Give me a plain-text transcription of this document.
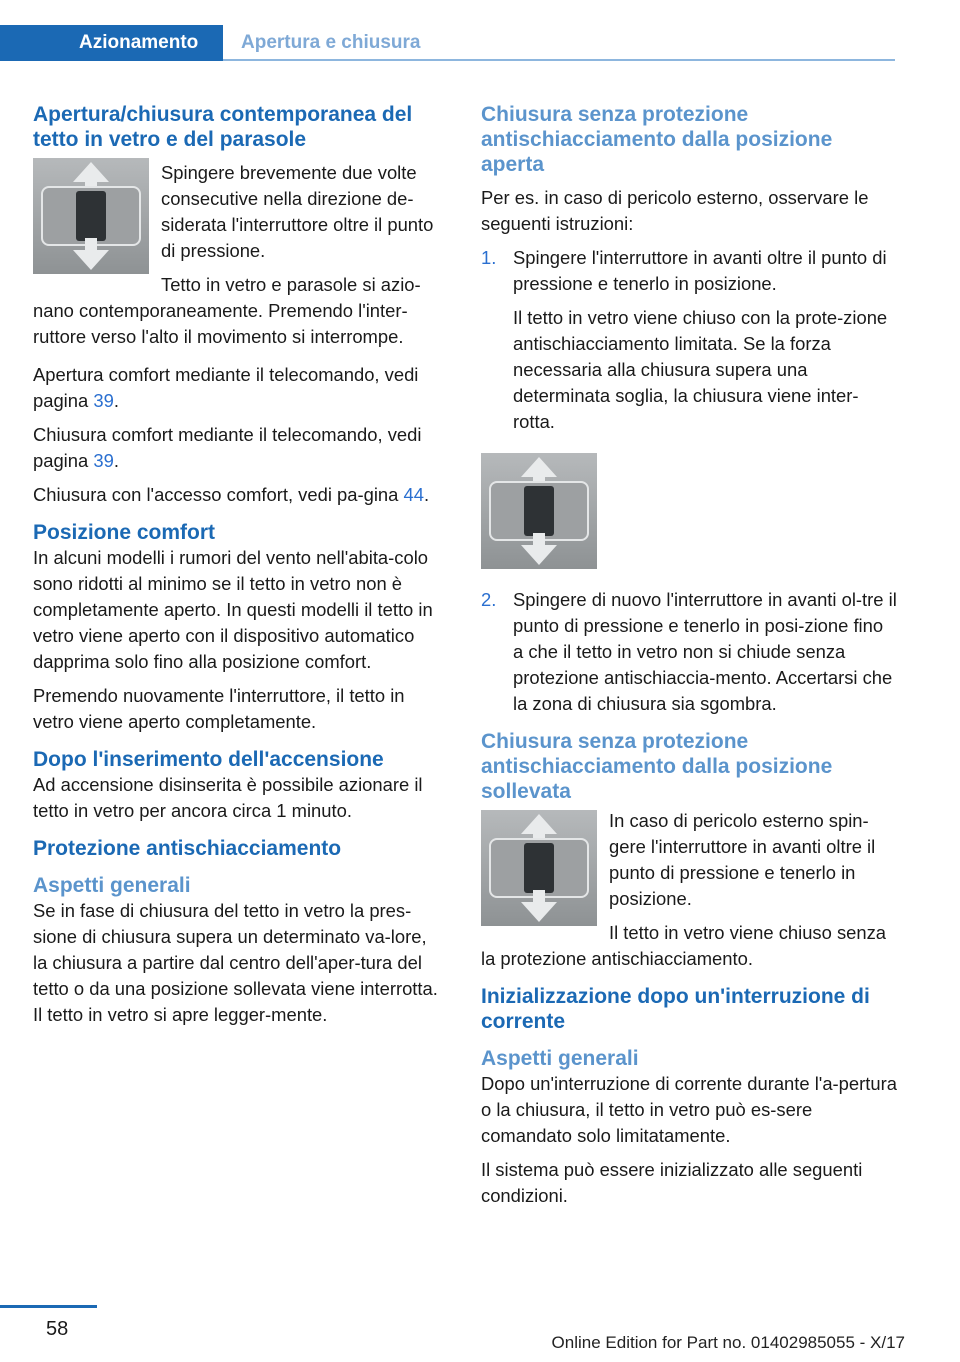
Azionamento Apertura e chiusura
Apertura/chiusura contemporanea del tetto in vetro e del parasole

Spingere brevemente due volte consecutive nella direzione de-siderata l'interruttore oltre il punto di pressione.

Tetto in vetro e parasole si azio-nano contemporaneamente. Premendo l'inter-ruttore verso l'alto il movimento si interrompe.

Apertura comfort mediante il telecomando, vedi pagina 39.

Chiusura comfort mediante il telecomando, vedi pagina 39.

Chiusura con l'accesso comfort, vedi pa-gina 44.

Posizione comfort

In alcuni modelli i rumori del vento nell'abita-colo sono ridotti al minimo se il tetto in vetro non è completamente aperto. In questi modelli il tetto in vetro viene aperto con il dispositivo automatico dapprima solo fino alla posizione comfort.

Premendo nuovamente l'interruttore, il tetto in vetro viene aperto completamente.

Dopo l'inserimento dell'accensione

Ad accensione disinserita è possibile azionare il tetto in vetro per ancora circa 1 minuto.

Protezione antischiacciamento
Aspetti generali

Se in fase di chiusura del tetto in vetro la pres-sione di chiusura supera un determinato va-lore, la chiusura a partire dal centro dell'aper-tura del tetto o da una posizione sollevata viene interrotta. Il tetto in vetro si apre legger-mente.

Chiusura senza protezione antischiacciamento dalla posizione aperta

Per es. in caso di pericolo esterno, osservare le seguenti istruzioni:

1. Spingere l'interruttore in avanti oltre il punto di pressione e tenerlo in posizione.
Il tetto in vetro viene chiuso con la prote-zione antischiacciamento limitata. Se la forza necessaria alla chiusura supera una determinata soglia, la chiusura viene inter-rotta.
2. Spingere di nuovo l'interruttore in avanti ol-tre il punto di pressione e tenerlo in posi-zione fino a che il tetto in vetro non si chiude senza protezione antischiaccia-mento. Accertarsi che la zona di chiusura sia sgombra.
Chiusura senza protezione antischiacciamento dalla posizione sollevata

In caso di pericolo esterno spin-gere l'interruttore in avanti oltre il punto di pressione e tenerlo in posizione.

Il tetto in vetro viene chiuso senza la protezione antischiacciamento.

Inizializzazione dopo un'interruzione di corrente
Aspetti generali

Dopo un'interruzione di corrente durante l'a-pertura o la chiusura, il tetto in vetro può es-sere comandato solo limitatamente.

Il sistema può essere inizializzato alle seguenti condizioni.

58
Online Edition for Part no. 01402985055 - X/17
